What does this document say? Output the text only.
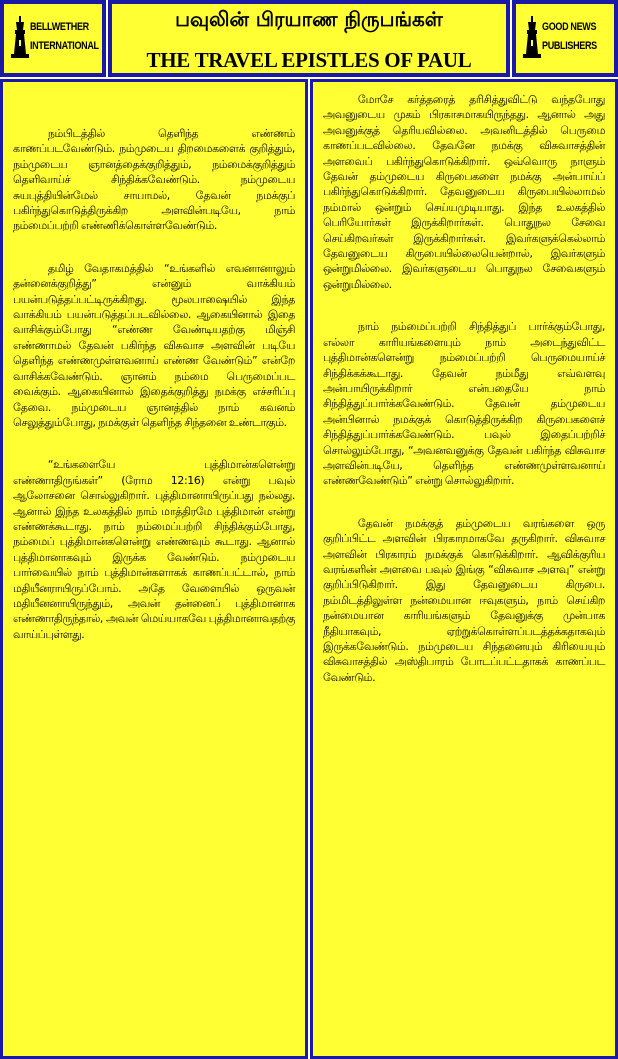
BELLWETHER
INTERNATIONAL
பவுலின் பிரயாண நிருபங்கள்
THE TRAVEL EPISTLES OF PAUL
GOOD NEWS
PUBLISHERS

நம்பிடத்தில் தெளிந்த எண்ணம் காணப்படவேண்டும். நம்முடைய திறமைகளைக் குறித்தும், நம்முடைய ஞானத்தைக்குறித்தும், நம்மைக்குறித்தும் தெளிவாய்ச் சிந்திக்கவேண்டும். நம்முடைய சுயபுத்தியின்மேல் சாயாமல், தேவன் நமக்குப் பகிர்ந்துகொடுத்திருக்கிற அளவின்படியே, நாம் நம்மைப்பற்றி எண்ணிக்கொள்ளவேண்டும்.

தமிழ் வேதாகமத்தில் “உங்களில் எவனானாலும் தன்னைக்குறித்து” என்னும் வாக்கியம் பயன்படுத்தப்பட்டிருக்கிறது. மூலபாஷையில் இந்த வாக்கியம் பயன்படுத்தப்படவில்லை. ஆகையினால் இதை வாசிக்கும்போது “எண்ண வேண்டியதற்கு மிஞ்சி எண்ணாமல் தேவன் பகிர்ந்த விசுவாச அளவின் படியே தெளிந்த எண்ணமுள்ளவனாய் எண்ண வேண்டும்” என்றே வாசிக்கவேண்டும். ஞானம் நம்மை பெருமைப்பட வைக்கும். ஆகையினால் இதைக்குறித்து நமக்கு எச்சரிப்பு தேவை. நம்முடைய ஞானத்தில் நாம் கவனம் செலுத்தும்போது, நமக்குள் தெளிந்த சிந்தனை உண்டாகும்.

“உங்களையே புத்திமான்களென்று எண்ணாதிருங்கள்” (ரோம 12:16) என்று பவுல் ஆலோசனை சொல்லுகிறார். புத்திமானாயிருப்பது நல்லது. ஆனால் இந்த உலகத்தில் நாம் மாத்திரமே புத்திமான் என்று எண்ணக்கூடாது. நாம் நம்மைப்பற்றி சிந்திக்கும்போது, நம்மைப் புத்திமான்களென்று எண்ணவும் கூடாது. ஆனால் புத்திமானாகவும் இருக்க வேண்டும். நம்முடைய பார்வையில் நாம் புத்திமான்களாகக் காணப்பட்டால், நாம் மதியீனராயிருப்போம். அதே வேளையில் ஒருவன் மதியீனனாயிருந்தும், அவன் தன்னைப் புத்திமானாக எண்ணாதிருந்தால், அவன் மெய்யாகவே புத்திமானாவதற்கு வாய்ப்புள்ளது.

மோசே கர்த்தரைத் தரிசித்துவிட்டு வந்தபோது அவனுடைய முகம் பிரகாசமாகயிருந்தது. ஆனால் அது அவனுக்குத் தெரியவில்லை. அவனிடத்தில் பெருமை காணப்படவில்லை. தேவனே நமக்கு விசுவாசத்தின் அளவைப் பகிர்ந்துகொடுக்கிறார். ஒவ்வொரு நாளும் தேவன் தம்முடைய கிருபைகளை நமக்கு அன்பாய்ப் பகிர்ந்துகொடுக்கிறார். தேவனுடைய கிருபையில்லாமல் நம்மால் ஒன்றும் செய்யமுடியாது. இந்த உலகத்தில் பெரியோர்கள் இருக்கிறார்கள். பொதுநல சேவை செய்கிறவர்கள் இருக்கிறார்கள். இவர்களுக்கெல்லாம் தேவனுடைய கிருபையில்லையென்றால், இவர்களும் ஒன்றுமில்லை. இவர்களுடைய பொதுநல சேவைகளும் ஒன்றுமில்லை.

நாம் நம்மைப்பற்றி சிந்தித்துப் பார்க்கும்போது, எல்லா காரியங்களையும் நாம் அடைந்துவிட்ட புத்திமான்களென்று நம்மைப்பற்றி பெருமையாய்ச் சிந்திக்கக்கூடாது. தேவன் நம்மீது எவ்வளவு அன்பாயிருக்கிறார் என்பதையே நாம் சிந்தித்துப்பார்க்கவேண்டும். தேவன் தம்முடைய அன்பினால் நமக்குக் கொடுத்திருக்கிற கிருபைகளைச் சிந்தித்துப்பார்க்கவேண்டும். பவுல் இதைப்பற்றிச் சொல்லும்போது, “அவனவனுக்கு தேவன் பகிர்ந்த விசுவாச அளவின்படியே, தெளிந்த எண்ணமுள்ளவனாய் எண்ணவேண்டும்” என்று சொல்லுகிறார்.

தேவன் நமக்குத் தம்முடைய வரங்களை ஒரு குறிப்பிட்ட அளவின் பிரகாரமாகவே தருகிறார். விசுவாச அளவின் பிரகாரம் நமக்குக் கொடுக்கிறார். ஆவிக்குரிய வரங்களின் அளவை பவுல் இங்கு “விசுவாச அளவு” என்று குறிப்பிடுகிறார். இது தேவனுடைய கிருபை. நம்மிடத்திலுள்ள நன்மையான ஈவுகளும், நாம் செய்கிற நன்மையான காரியங்களும் தேவனுக்கு முன்பாக நீதியாகவும், ஏற்றுக்கொள்ளப்படத்தக்கதாகவும் இருக்கவேண்டும். நம்முடைய சிந்தனையும் கிரியையும் விசுவாசத்தில் அஸ்திபாரம் போடப்பட்டதாகக் காணப்பட வேண்டும்.
